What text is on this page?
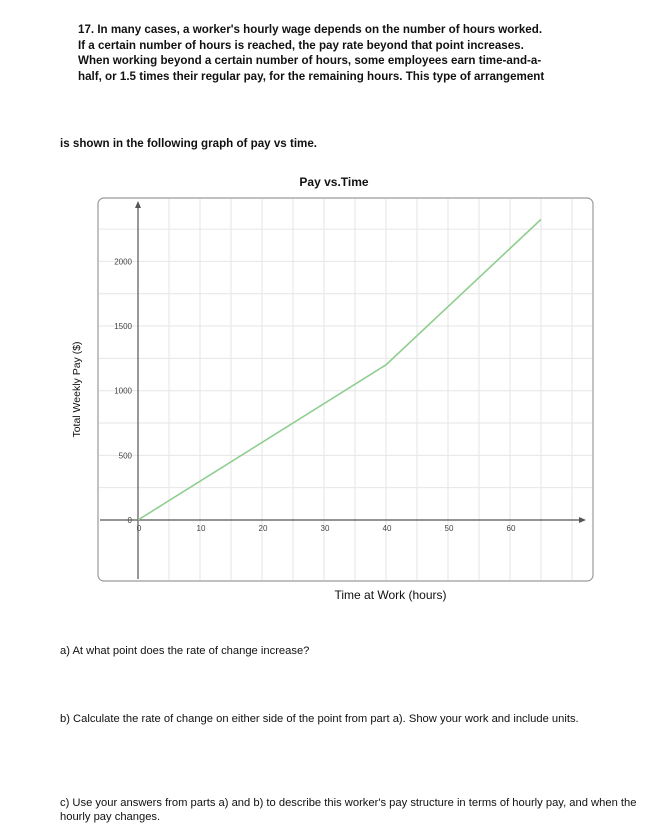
17. In many cases, a worker's hourly wage depends on the number of hours worked.
If a certain number of hours is reached, the pay rate beyond that point increases.
When working beyond a certain number of hours, some employees earn time-and-a-
half, or 1.5 times their regular pay, for the remaining hours. This type of arrangement
is shown in the following graph of pay vs time.
Pay vs.Time
0	10	20	30	40	50	60
0
500
1000
1500
2000
Time at Work (hours)
Total Weekly Pay ($)
a) At what point does the rate of change increase?
b) Calculate the rate of change on either side of the point from part a). Show your work and include units.
c) Use your answers from parts a) and b) to describe this worker's pay structure in terms of hourly pay, and when the hourly pay changes.
